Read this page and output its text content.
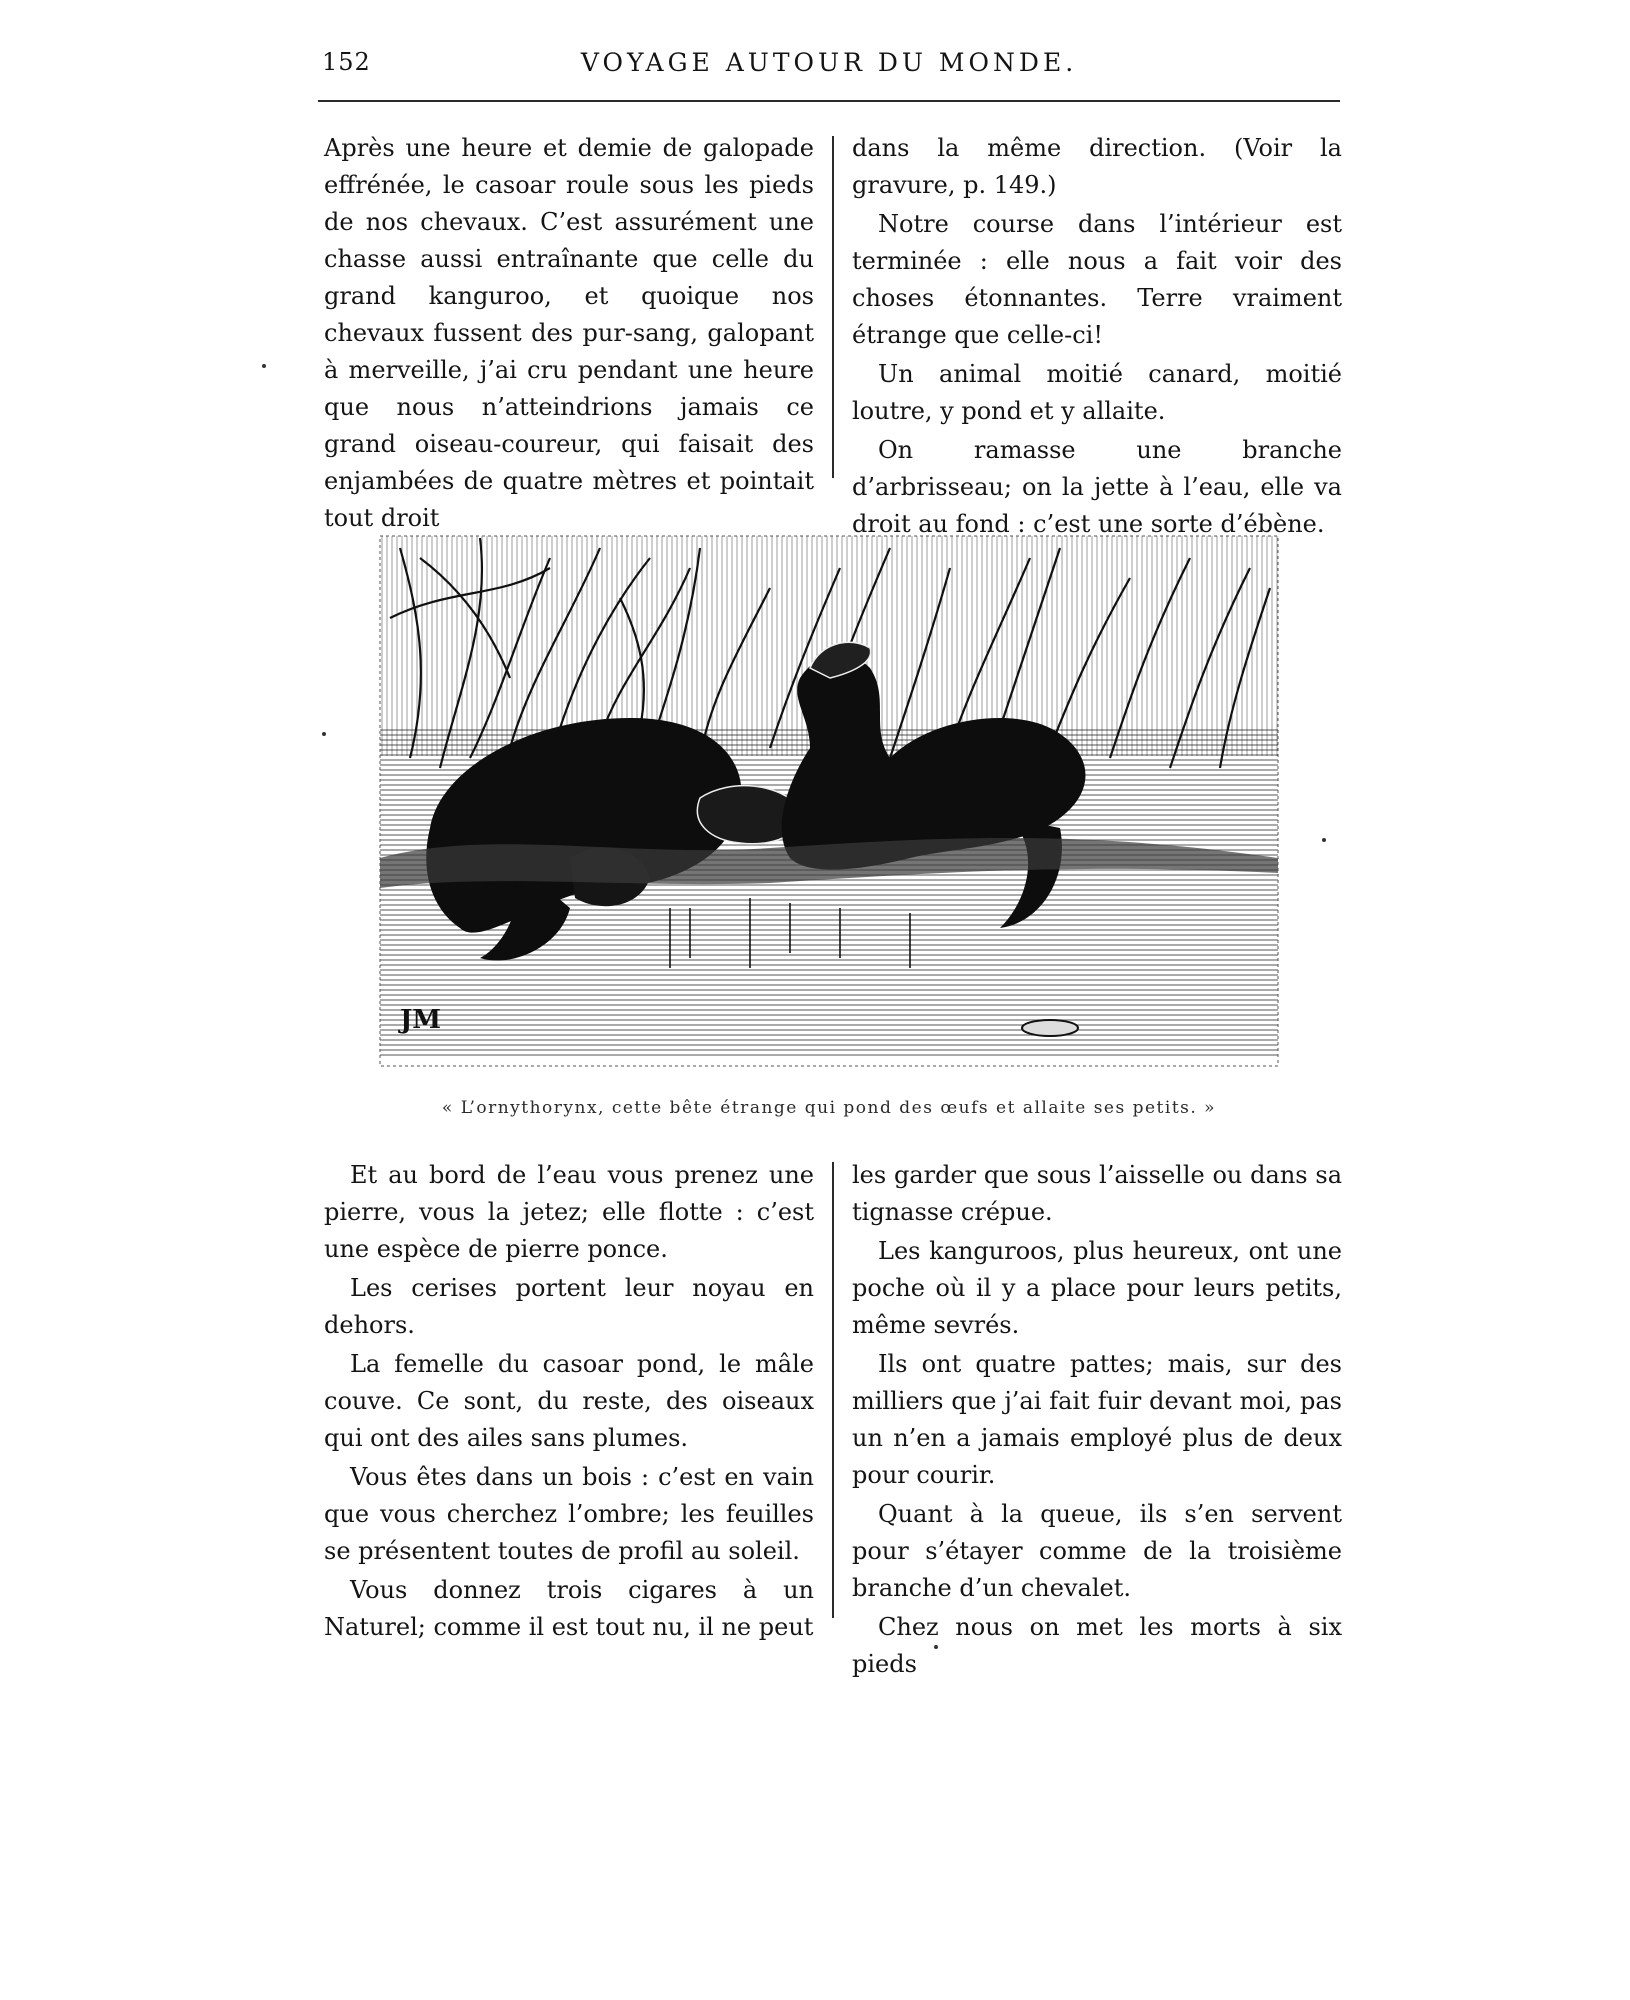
152	VOYAGE AUTOUR DU MONDE.

Après une heure et demie de galopade effrénée, le casoar roule sous les pieds de nos chevaux. C’est assurément une chasse aussi entraînante que celle du grand kanguroo, et quoique nos chevaux fussent des pur-sang, galopant à merveille, j’ai cru pendant une heure que nous n’atteindrions jamais ce grand oiseau-coureur, qui faisait des enjambées de quatre mètres et pointait tout droit

dans la même direction. (Voir la gravure, p. 149.)

Notre course dans l’intérieur est terminée : elle nous a fait voir des choses étonnantes. Terre vraiment étrange que celle-ci!

Un animal moitié canard, moitié loutre, y pond et y allaite.

On ramasse une branche d’arbrisseau; on la jette à l’eau, elle va droit au fond : c’est une sorte d’ébène.

JM
« L’ornythorynx, cette bête étrange qui pond des œufs et allaite ses petits. »

Et au bord de l’eau vous prenez une pierre, vous la jetez; elle flotte : c’est une espèce de pierre ponce.

Les cerises portent leur noyau en dehors.

La femelle du casoar pond, le mâle couve. Ce sont, du reste, des oiseaux qui ont des ailes sans plumes.

Vous êtes dans un bois : c’est en vain que vous cherchez l’ombre; les feuilles se présentent toutes de profil au soleil.

Vous donnez trois cigares à un Naturel; comme il est tout nu, il ne peut

les garder que sous l’aisselle ou dans sa tignasse crépue.

Les kanguroos, plus heureux, ont une poche où il y a place pour leurs petits, même sevrés.

Ils ont quatre pattes; mais, sur des milliers que j’ai fait fuir devant moi, pas un n’en a jamais employé plus de deux pour courir.

Quant à la queue, ils s’en servent pour s’étayer comme de la troisième branche d’un chevalet.

Chez nous on met les morts à six pieds
